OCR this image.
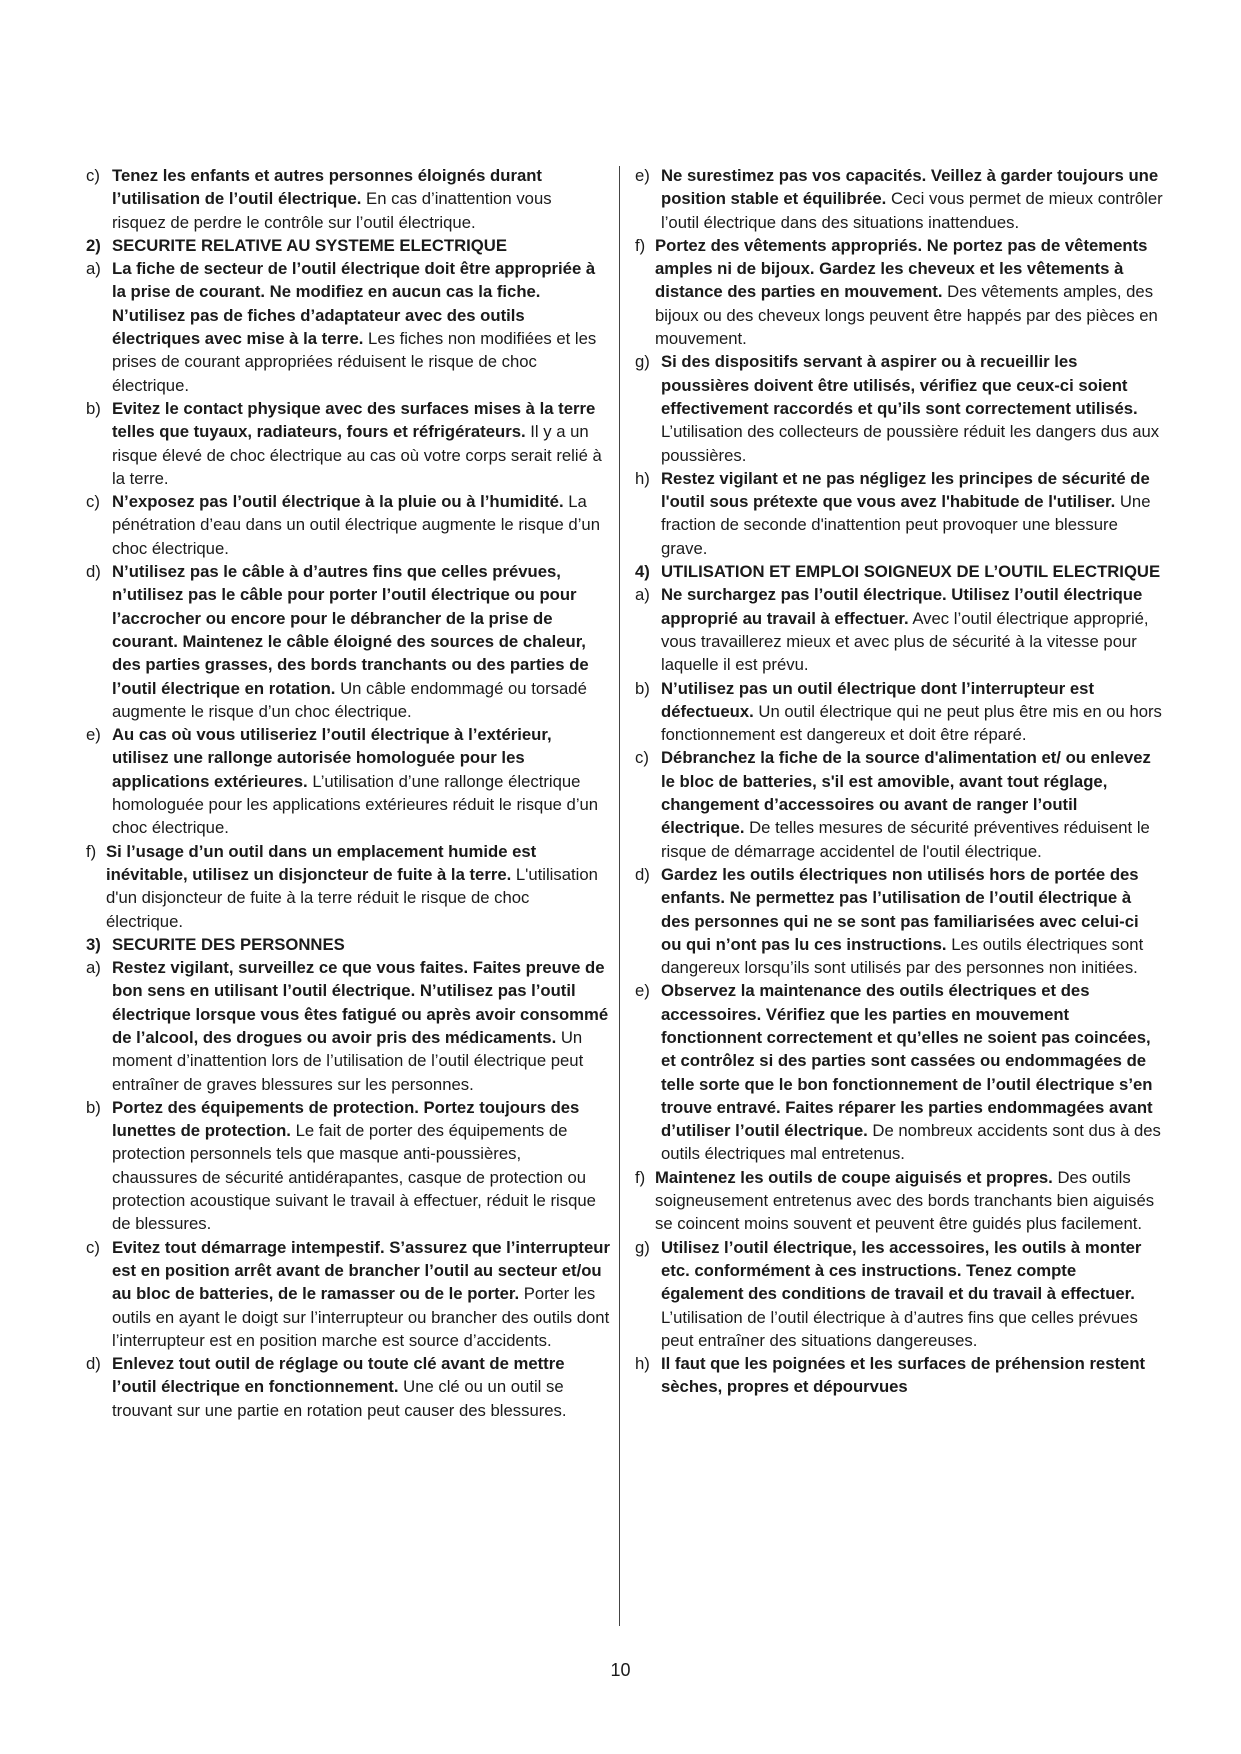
c) Tenez les enfants et autres personnes éloignés durant l’utilisation de l’outil électrique. En cas d’inattention vous risquez de perdre le contrôle sur l’outil électrique.
2) SECURITE RELATIVE AU SYSTEME ELECTRIQUE
a) La fiche de secteur de l’outil électrique doit être appropriée à la prise de courant. Ne modifiez en aucun cas la fiche. N’utilisez pas de fiches d’adaptateur avec des outils électriques avec mise à la terre. Les fiches non modifiées et les prises de courant appropriées réduisent le risque de choc électrique.
b) Evitez le contact physique avec des surfaces mises à la terre telles que tuyaux, radiateurs, fours et réfrigérateurs. Il y a un risque élevé de choc électrique au cas où votre corps serait relié à la terre.
c) N’exposez pas l’outil électrique à la pluie ou à l’humidité. La pénétration d’eau dans un outil électrique augmente le risque d’un choc électrique.
d) N’utilisez pas le câble à d’autres fins que celles prévues, n’utilisez pas le câble pour porter l’outil électrique ou pour l’accrocher ou encore pour le débrancher de la prise de courant. Maintenez le câble éloigné des sources de chaleur, des parties grasses, des bords tranchants ou des parties de l’outil électrique en rotation. Un câble endommagé ou torsadé augmente le risque d’un choc électrique.
e) Au cas où vous utiliseriez l’outil électrique à l’extérieur, utilisez une rallonge autorisée homologuée pour les applications extérieures. L’utilisation d’une rallonge électrique homologuée pour les applications extérieures réduit le risque d’un choc électrique.
f) Si l’usage d’un outil dans un emplacement humide est inévitable, utilisez un disjoncteur de fuite à la terre. L'utilisation d'un disjoncteur de fuite à la terre réduit le risque de choc électrique.
3) SECURITE DES PERSONNES
a) Restez vigilant, surveillez ce que vous faites. Faites preuve de bon sens en utilisant l’outil électrique. N’utilisez pas l’outil électrique lorsque vous êtes fatigué ou après avoir consommé de l’alcool, des drogues ou avoir pris des médicaments. Un moment d’inattention lors de l’utilisation de l’outil électrique peut entraîner de graves blessures sur les personnes.
b) Portez des équipements de protection. Portez toujours des lunettes de protection. Le fait de porter des équipements de protection personnels tels que masque anti-poussières, chaussures de sécurité antidérapantes, casque de protection ou protection acoustique suivant le travail à effectuer, réduit le risque de blessures.
c) Evitez tout démarrage intempestif. S’assurez que l’interrupteur est en position arrêt avant de brancher l’outil au secteur et/ou au bloc de batteries, de le ramasser ou de le porter. Porter les outils en ayant le doigt sur l’interrupteur ou brancher des outils dont l’interrupteur est en position marche est source d’accidents.
d) Enlevez tout outil de réglage ou toute clé avant de mettre l’outil électrique en fonctionnement. Une clé ou un outil se trouvant sur une partie en rotation peut causer des blessures.
e) Ne surestimez pas vos capacités. Veillez à garder toujours une position stable et équilibrée. Ceci vous permet de mieux contrôler l’outil électrique dans des situations inattendues.
f) Portez des vêtements appropriés. Ne portez pas de vêtements amples ni de bijoux. Gardez les cheveux et les vêtements à distance des parties en mouvement. Des vêtements amples, des bijoux ou des cheveux longs peuvent être happés par des pièces en mouvement.
g) Si des dispositifs servant à aspirer ou à recueillir les poussières doivent être utilisés, vérifiez que ceux-ci soient effectivement raccordés et qu’ils sont correctement utilisés. L’utilisation des collecteurs de poussière réduit les dangers dus aux poussières.
h) Restez vigilant et ne pas négligez les principes de sécurité de l'outil sous prétexte que vous avez l'habitude de l'utiliser. Une fraction de seconde d'inattention peut provoquer une blessure grave.
4) UTILISATION ET EMPLOI SOIGNEUX DE L’OUTIL ELECTRIQUE
a) Ne surchargez pas l’outil électrique. Utilisez l’outil électrique approprié au travail à effectuer. Avec l’outil électrique approprié, vous travaillerez mieux et avec plus de sécurité à la vitesse pour laquelle il est prévu.
b) N’utilisez pas un outil électrique dont l’interrupteur est défectueux. Un outil électrique qui ne peut plus être mis en ou hors fonctionnement est dangereux et doit être réparé.
c) Débranchez la fiche de la source d'alimentation et/ ou enlevez le bloc de batteries, s'il est amovible, avant tout réglage, changement d’accessoires ou avant de ranger l’outil électrique. De telles mesures de sécurité préventives réduisent le risque de démarrage accidentel de l'outil électrique.
d) Gardez les outils électriques non utilisés hors de portée des enfants. Ne permettez pas l’utilisation de l’outil électrique à des personnes qui ne se sont pas familiarisées avec celui-ci ou qui n’ont pas lu ces instructions. Les outils électriques sont dangereux lorsqu’ils sont utilisés par des personnes non initiées.
e) Observez la maintenance des outils électriques et des accessoires. Vérifiez que les parties en mouvement fonctionnent correctement et qu’elles ne soient pas coincées, et contrôlez si des parties sont cassées ou endommagées de telle sorte que le bon fonctionnement de l’outil électrique s’en trouve entravé. Faites réparer les parties endommagées avant d’utiliser l’outil électrique. De nombreux accidents sont dus à des outils électriques mal entretenus.
f) Maintenez les outils de coupe aiguisés et propres. Des outils soigneusement entretenus avec des bords tranchants bien aiguisés se coincent moins souvent et peuvent être guidés plus facilement.
g) Utilisez l’outil électrique, les accessoires, les outils à monter etc. conformément à ces instructions. Tenez compte également des conditions de travail et du travail à effectuer. L’utilisation de l’outil électrique à d’autres fins que celles prévues peut entraîner des situations dangereuses.
h) Il faut que les poignées et les surfaces de préhension restent sèches, propres et dépourvues
10
